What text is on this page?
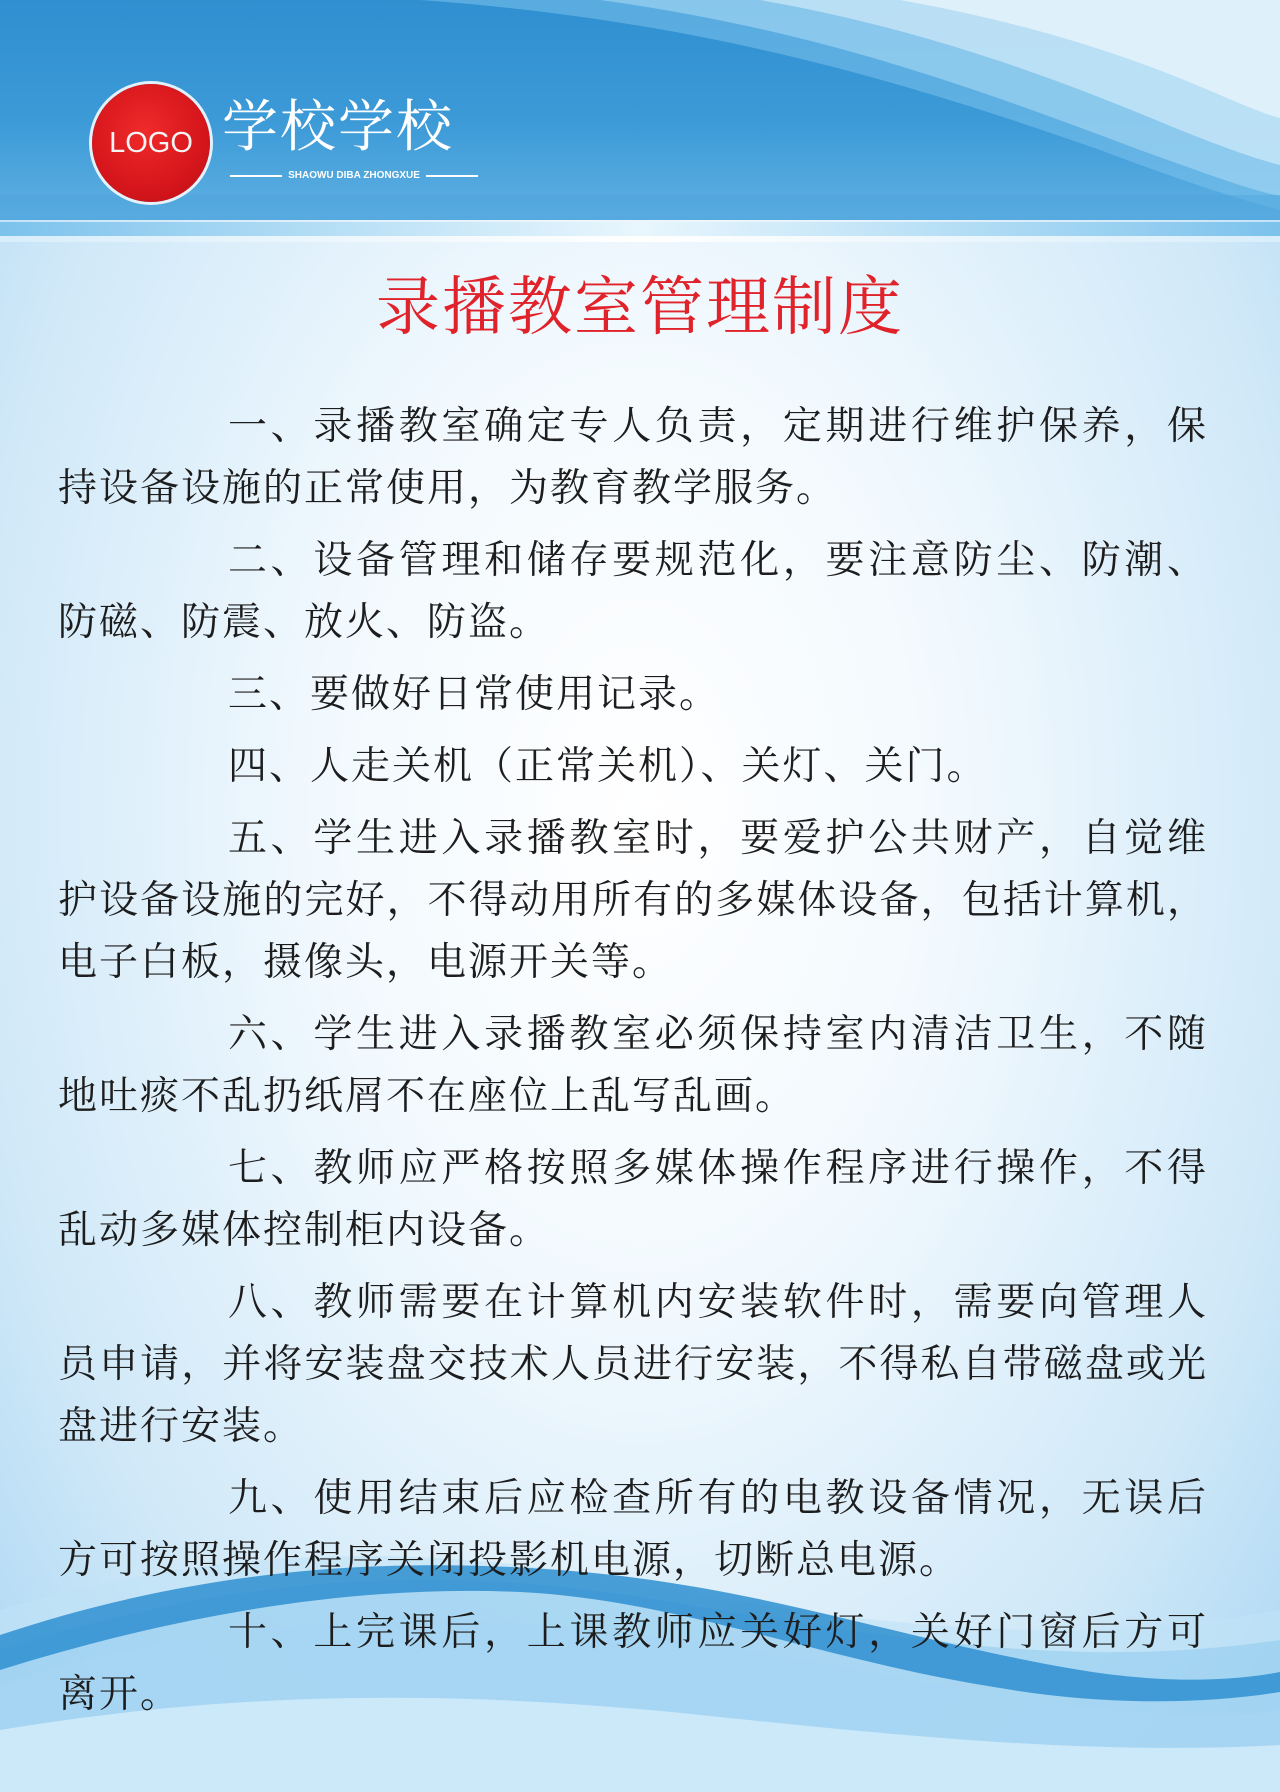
LOGO 学校学校
SHAOWU DIBA ZHONGXUE
录播教室管理制度

一、录播教室确定专人负责，定期进行维护保养，保持设备设施的正常使用，为教育教学服务。

二、设备管理和储存要规范化，要注意防尘、防潮、防磁、防震、放火、防盗。

三、要做好日常使用记录。

四、人走关机（正常关机）、关灯、关门。

五、学生进入录播教室时，要爱护公共财产，自觉维护设备设施的完好，不得动用所有的多媒体设备，包括计算机，电子白板，摄像头，电源开关等。

六、学生进入录播教室必须保持室内清洁卫生，不随地吐痰不乱扔纸屑不在座位上乱写乱画。

七、教师应严格按照多媒体操作程序进行操作，不得乱动多媒体控制柜内设备。

八、教师需要在计算机内安装软件时，需要向管理人员申请，并将安装盘交技术人员进行安装，不得私自带磁盘或光盘进行安装。

九、使用结束后应检查所有的电教设备情况，无误后方可按照操作程序关闭投影机电源，切断总电源。

十、上完课后，上课教师应关好灯，关好门窗后方可离开。
